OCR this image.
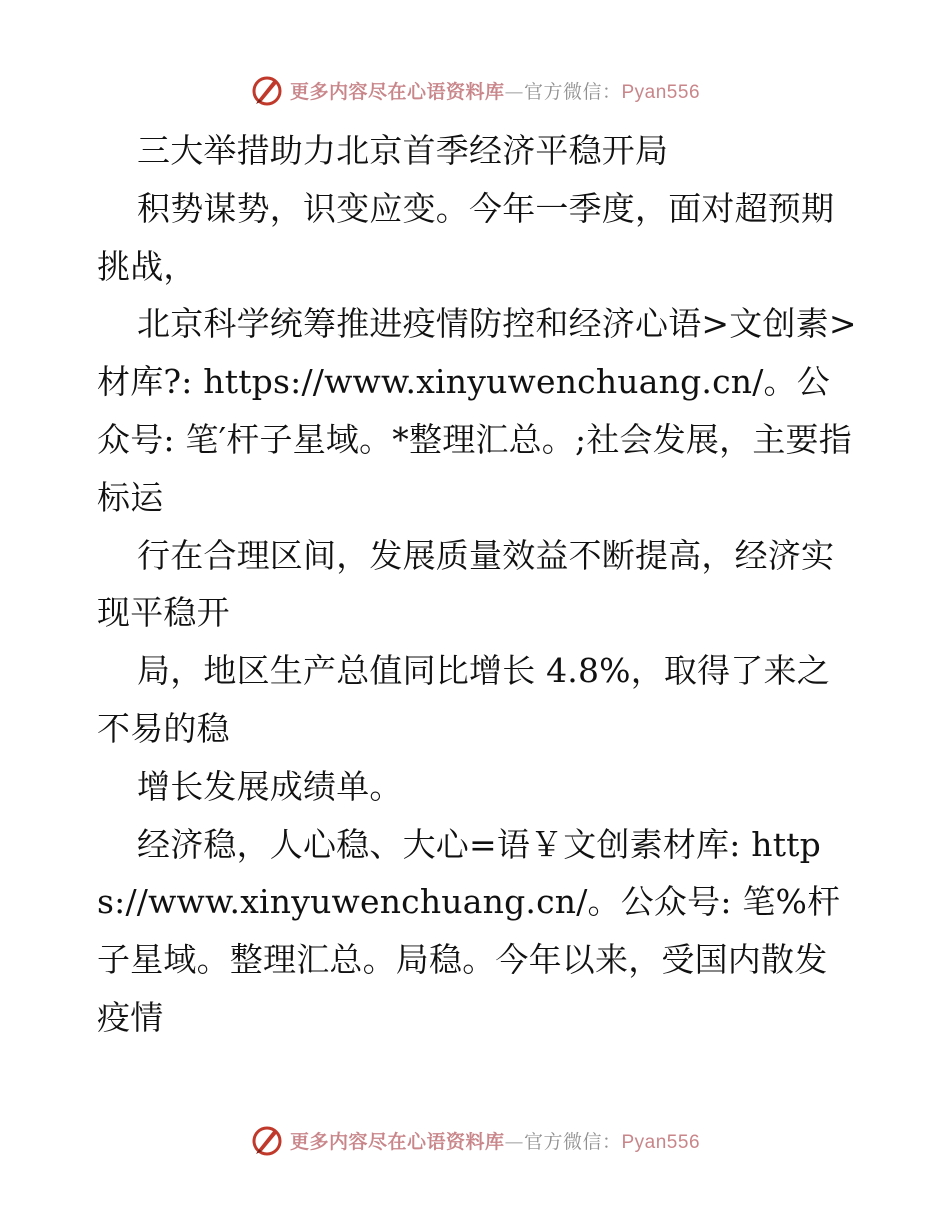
更多内容尽在心语资料库—官方微信：Pyan556

三大举措助力北京首季经济平稳开局

积势谋势，识变应变。今年一季度，面对超预期挑战，

北京科学统筹推进疫情防控和经济心语>文创素>材库?: https://www.xinyuwenchuang.cn/。公众号: 笔′杆子星域。*整理汇总。;社会发展，主要指标运

行在合理区间，发展质量效益不断提高，经济实现平稳开

局，地区生产总值同比增长 4.8%，取得了来之不易的稳

增长发展成绩单。

经济稳，人心稳、大心=语￥文创素材库: https://www.xinyuwenchuang.cn/。公众号: 笔%杆子星域。整理汇总。局稳。今年以来，受国内散发疫情

更多内容尽在心语资料库—官方微信：Pyan556
